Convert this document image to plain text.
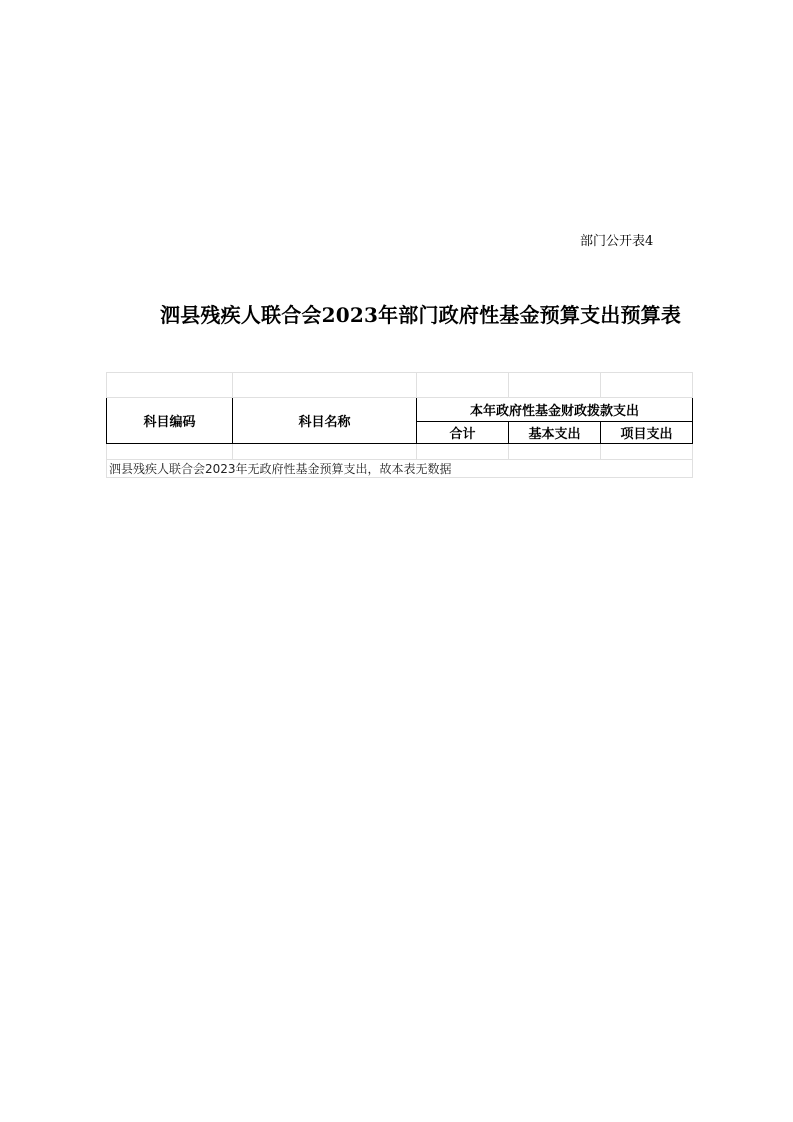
部门公开表4
泗县残疾人联合会2023年部门政府性基金预算支出预算表

科目编码	科目名称	本年政府性基金财政拨款支出		
		合计	基本支出	项目支出

泗县残疾人联合会2023年无政府性基金预算支出，故本表无数据				
